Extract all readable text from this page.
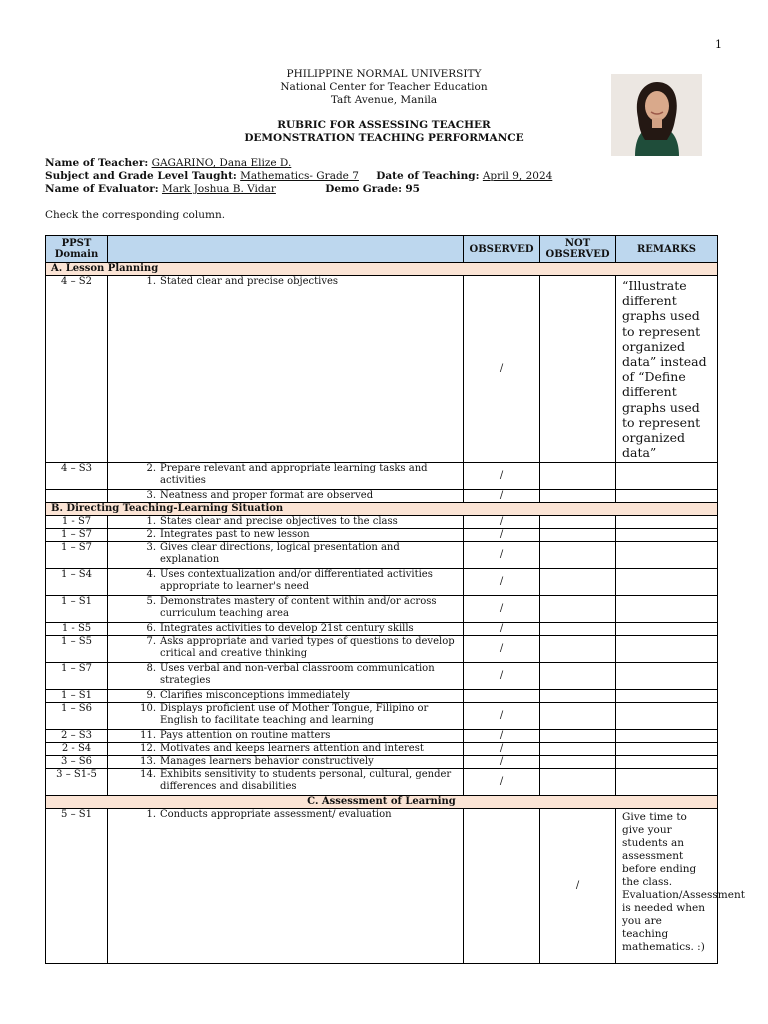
1
PHILIPPINE NORMAL UNIVERSITY
National Center for Teacher Education
Taft Avenue, Manila
RUBRIC FOR ASSESSING TEACHER
DEMONSTRATION TEACHING PERFORMANCE
Name of Teacher: GAGARINO, Dana Elize D.
Subject and Grade Level Taught: Mathematics- Grade 7 Date of Teaching: April 9, 2024
Name of Evaluator: Mark Joshua B. Vidar	Demo Grade: 95
Check the corresponding column.
PPST Domain		OBSERVED	NOT OBSERVED	REMARKS
A. Lesson Planning				
4 – S2	1. Stated clear and precise objectives	/		“Illustrate different graphs used to represent organized data” instead of “Define different graphs used to represent organized data”
4 – S3	2. Prepare relevant and appropriate learning tasks and activities	/		

	3. Neatness and proper format are observed	/		
B. Directing Teaching-Learning Situation				
1 - S7	1. States clear and precise objectives to the class	/		
1 – S7	2. Integrates past to new lesson	/		
1 – S7	3. Gives clear directions, logical presentation and explanation	/		
1 – S4	4. Uses contextualization and/or differentiated activities appropriate to learner's need	/		
1 – S1	5. Demonstrates mastery of content within and/or across curriculum teaching area	/		
1 - S5	6. Integrates activities to develop 21st century skills	/		
1 – S5	7. Asks appropriate and varied types of questions to develop critical and creative thinking	/		
1 – S7	8. Uses verbal and non-verbal classroom communication strategies	/		
1 – S1	9. Clarifies misconceptions immediately			

1 – S6	10. Displays proficient use of Mother Tongue, Filipino or English to facilitate teaching and learning	/		
2 – S3	11. Pays attention on routine matters	/		
2 - S4	12. Motivates and keeps learners attention and interest	/		
3 – S6	13. Manages learners behavior constructively	/		
3 – S1-5	14. Exhibits sensitivity to students personal, cultural, gender differences and disabilities	/		
C. Assessment of Learning				
5 – S1	1. Conducts appropriate assessment/ evaluation		/	Give time to give your students an assessment before ending the class. Evaluation/Assessment is needed when you are teaching mathematics. :)
